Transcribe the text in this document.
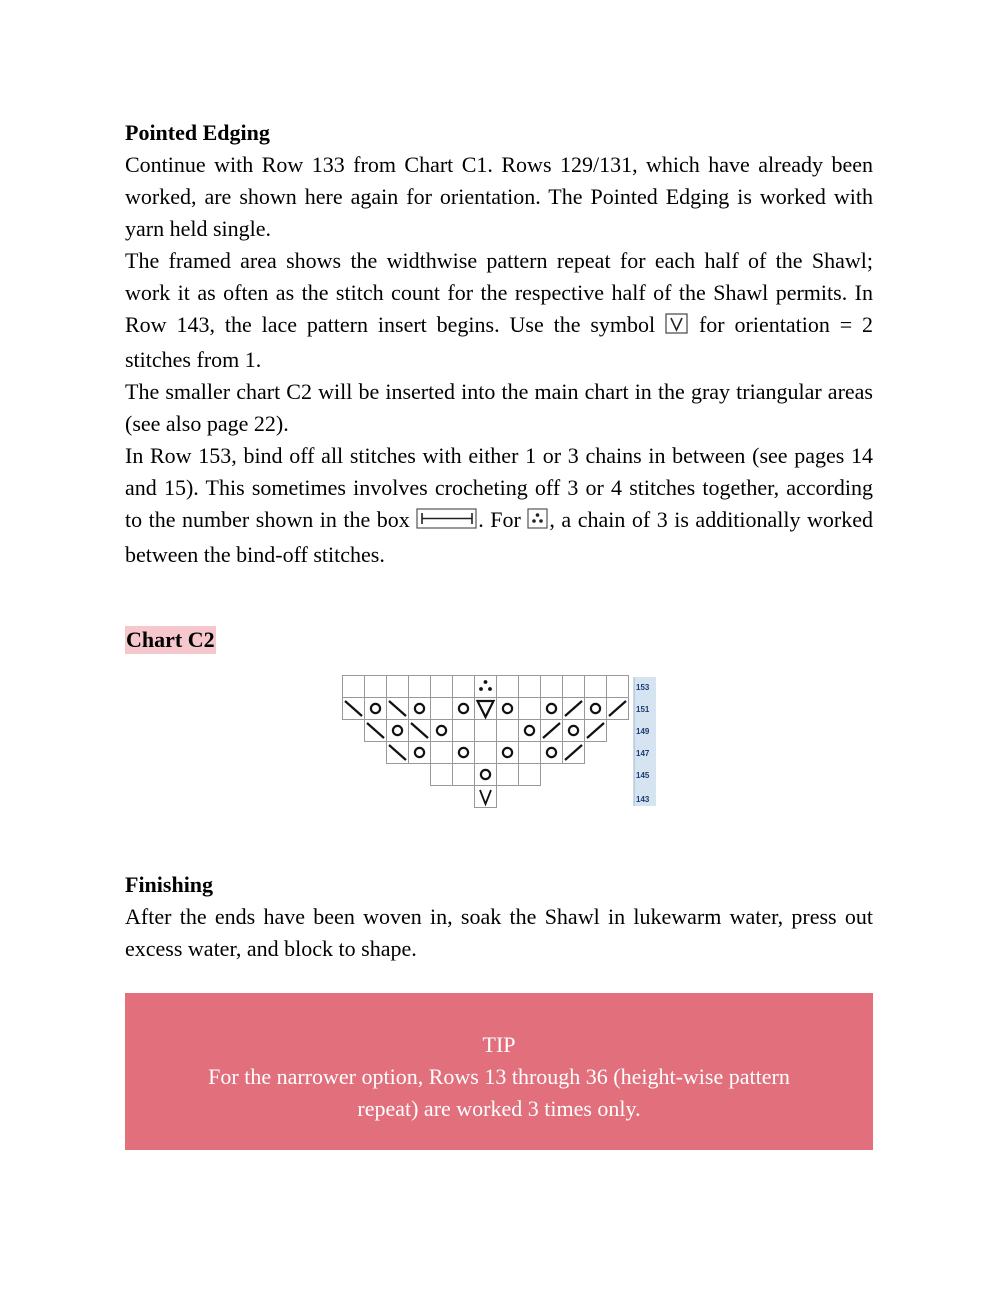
Pointed Edging

Continue with Row 133 from Chart C1. Rows 129/131, which have already been worked, are shown here again for orientation. The Pointed Edging is worked with yarn held single.

The framed area shows the widthwise pattern repeat for each half of the Shawl; work it as often as the stitch count for the respective half of the Shawl permits. In Row 143, the lace pattern insert begins. Use the symbol for orientation = 2 stitches from 1.

The smaller chart C2 will be inserted into the main chart in the gray triangular areas (see also page 22).

In Row 153, bind off all stitches with either 1 or 3 chains in between (see pages 14 and 15). This sometimes involves crocheting off 3 or 4 stitches together, according to the number shown in the box	. For , a chain of 3 is additionally worked between the bind-off stitches.

Chart C2
153
151
149
147
145
143

Finishing

After the ends have been woven in, soak the Shawl in lukewarm water, press out excess water, and block to shape.

TIP
For the narrower option, Rows 13 through 36 (height-wise pattern repeat) are worked 3 times only.
